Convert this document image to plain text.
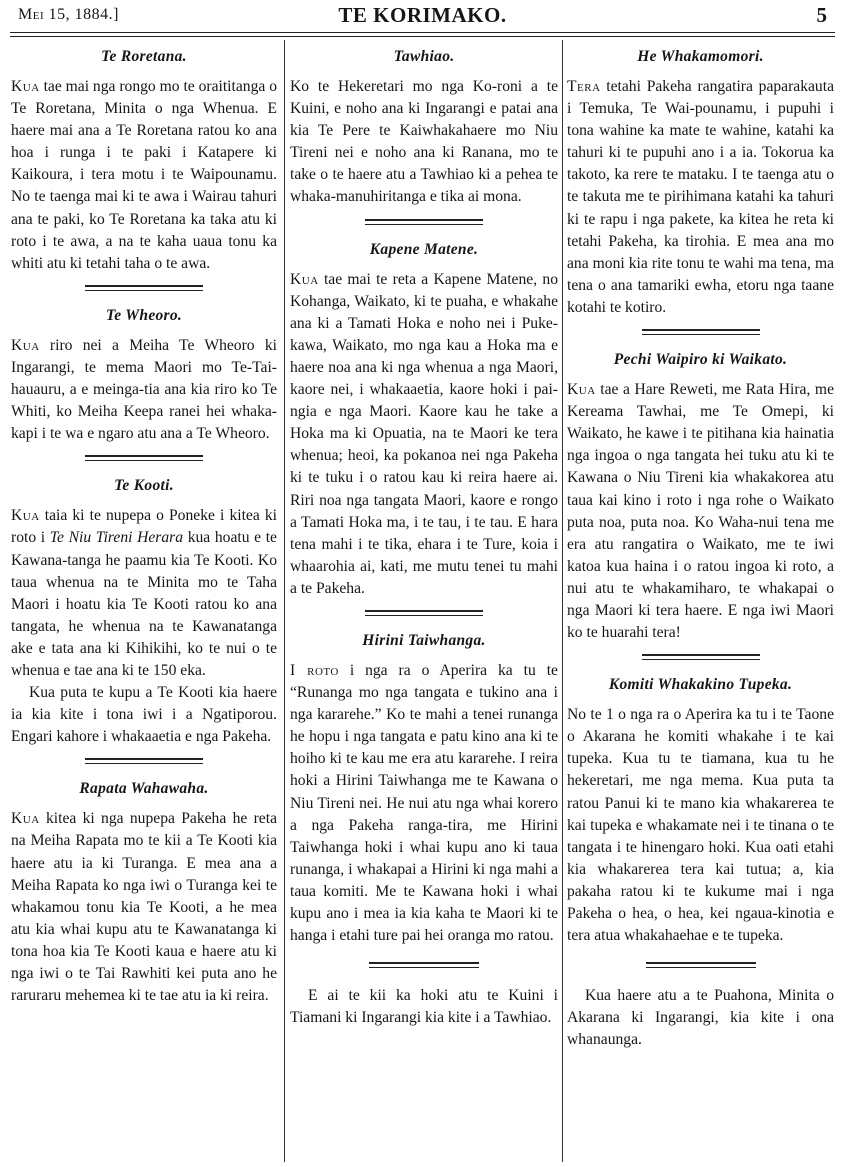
Mei 15, 1884.]	TE KORIMAKO.	5
Te Roretana.

Kua tae mai nga rongo mo te oraititanga o Te Roretana, Minita o nga Whenua. E haere mai ana a Te Roretana ratou ko ana hoa i runga i te paki i Katapere ki Kaikoura, i tera motu i te Waipounamu. No te taenga mai ki te awa i Wairau tahuri ana te paki, ko Te Roretana ka taka atu ki roto i te awa, a na te kaha uaua tonu ka whiti atu ki tetahi taha o te awa.

Te Wheoro.

Kua riro nei a Meiha Te Wheoro ki Ingarangi, te mema Maori mo Te-Tai-hauauru, a e meinga-tia ana kia riro ko Te Whiti, ko Meiha Keepa ranei hei whaka-kapi i te wa e ngaro atu ana a Te Wheoro.

Te Kooti.

Kua taia ki te nupepa o Poneke i kitea ki roto i Te Niu Tireni Herara kua hoatu e te Kawana-tanga he paamu kia Te Kooti. Ko taua whenua na te Minita mo te Taha Maori i hoatu kia Te Kooti ratou ko ana tangata, he whenua na te Kawanatanga ake e tata ana ki Kihikihi, ko te nui o te whenua e tae ana ki te 150 eka.

Kua puta te kupu a Te Kooti kia haere ia kia kite i tona iwi i a Ngatiporou. Engari kahore i whakaaetia e nga Pakeha.

Rapata Wahawaha.

Kua kitea ki nga nupepa Pakeha he reta na Meiha Rapata mo te kii a Te Kooti kia haere atu ia ki Turanga. E mea ana a Meiha Rapata ko nga iwi o Turanga kei te whakamou tonu kia Te Kooti, a he mea atu kia whai kupu atu te Kawanatanga ki tona hoa kia Te Kooti kaua e haere atu ki nga iwi o te Tai Rawhiti kei puta ano he raruraru mehemea ki te tae atu ia ki reira.

Tawhiao.

Ko te Hekeretari mo nga Ko-roni a te Kuini, e noho ana ki Ingarangi e patai ana kia Te Pere te Kaiwhakahaere mo Niu Tireni nei e noho ana ki Ranana, mo te take o te haere atu a Tawhiao ki a pehea te whaka-manuhiritanga e tika ai mona.

Kapene Matene.

Kua tae mai te reta a Kapene Matene, no Kohanga, Waikato, ki te puaha, e whakahe ana ki a Tamati Hoka e noho nei i Puke-kawa, Waikato, mo nga kau a Hoka ma e haere noa ana ki nga whenua a nga Maori, kaore nei, i whakaaetia, kaore hoki i pai-ngia e nga Maori. Kaore kau he take a Hoka ma ki Opuatia, na te Maori ke tera whenua; heoi, ka pokanoa nei nga Pakeha ki te tuku i o ratou kau ki reira haere ai. Riri noa nga tangata Maori, kaore e rongo a Tamati Hoka ma, i te tau, i te tau. E hara tena mahi i te tika, ehara i te Ture, koia i whaarohia ai, kati, me mutu tenei tu mahi a te Pakeha.

Hirini Taiwhanga.

I roto i nga ra o Aperira ka tu te “Runanga mo nga tangata e tukino ana i nga kararehe.” Ko te mahi a tenei runanga he hopu i nga tangata e patu kino ana ki te hoiho ki te kau me era atu kararehe. I reira hoki a Hirini Taiwhanga me te Kawana o Niu Tireni nei. He nui atu nga whai korero a nga Pakeha ranga-tira, me Hirini Taiwhanga hoki i whai kupu ano ki taua runanga, i whakapai a Hirini ki nga mahi a taua komiti. Me te Kawana hoki i whai kupu ano i mea ia kia kaha te Maori ki te hanga i etahi ture pai hei oranga mo ratou.

E ai te kii ka hoki atu te Kuini i Tiamani ki Ingarangi kia kite i a Tawhiao.

He Whakamomori.

Tera tetahi Pakeha rangatira paparakauta i Temuka, Te Wai-pounamu, i pupuhi i tona wahine ka mate te wahine, katahi ka tahuri ki te pupuhi ano i a ia. Tokorua ka takoto, ka rere te mataku. I te taenga atu o te takuta me te pirihimana katahi ka tahuri ki te rapu i nga pakete, ka kitea he reta ki tetahi Pakeha, ka tirohia. E mea ana mo ana moni kia rite tonu te wahi ma tena, ma tena o ana tamariki ewha, etoru nga taane kotahi te kotiro.

Pechi Waipiro ki Waikato.

Kua tae a Hare Reweti, me Rata Hira, me Kereama Tawhai, me Te Omepi, ki Waikato, he kawe i te pitihana kia hainatia nga ingoa o nga tangata hei tuku atu ki te Kawana o Niu Tireni kia whakakorea atu taua kai kino i roto i nga rohe o Waikato puta noa, puta noa. Ko Waha-nui tena me era atu rangatira o Waikato, me te iwi katoa kua haina i o ratou ingoa ki roto, a nui atu te whakamiharo, te whakapai o nga Maori ki tera haere. E nga iwi Maori ko te huarahi tera!

Komiti Whakakino Tupeka.

No te 1 o nga ra o Aperira ka tu i te Taone o Akarana he komiti whakahe i te kai tupeka. Kua tu te tiamana, kua tu he hekeretari, me nga mema. Kua puta ta ratou Panui ki te mano kia whakarerea te kai tupeka e whakamate nei i te tinana o te tangata i te hinengaro hoki. Kua oati etahi kia whakarerea tera kai tutua; a, kia pakaha ratou ki te kukume mai i nga Pakeha o hea, o hea, kei ngaua-kinotia e tera atua whakahaehae e te tupeka.

Kua haere atu a te Puahona, Minita o Akarana ki Ingarangi, kia kite i ona whanaunga.
